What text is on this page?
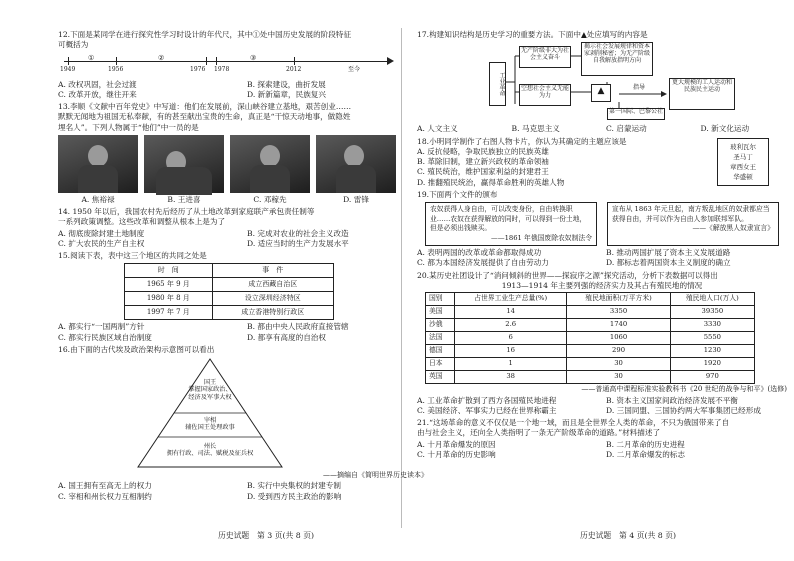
12.下面是某同学在进行探究性学习时设计的年代尺，其中①处中国历史发展的阶段特征

可概括为

1949	1956	1976 1978	2012	至今
①	②	③
A. 改权巩固，社会过渡	B. 探索建设，曲折发展
C. 改革开放，继往开来	D. 新新篇章，民族复兴

13.李顺《文献中百年党史》中写道：他们在发展前，深山峡谷建立基地，艰苦创业……

默默无闻地为祖国无私奉献，有的甚至献出宝贵的生命，真正是“干惊天动地事，做隐姓

埋名人”。下列人物属于“他们”中一员的是

A. 焦裕禄	B. 王进喜	C. 邓稼先	D. 雷锋

14. 1950 年以后，我国农村先后经历了从土地改革到家庭联产承包责任制等

一系列政策调整。这些改革和调整从根本上是为了

A. 彻底废除封建土地制度	B. 完成对农业的社会主义改造
C. 扩大农民的生产自主权	D. 适应当时的生产力发展水平

15.阅读下表，表中这三个地区的共同之处是

时　间	事　件
1965 年 9 月	成立西藏自治区
1980 年 8 月	设立深圳经济特区
1997 年 7 月	成立香港特别行政区
A. 都实行“一国两制”方针	B. 都由中央人民政府直接管辖
C. 都实行民族区域自治制度	D. 都享有高度的自治权

16.由下面的古代埃及政治架构示意图可以看出

国王
掌握国家政治、
经济及军事大权
宰相
辅佐国王处理政事
州长
拥有行政、司法、赋税及征兵权

——摘编自《简明世界历史读本》

A. 国王拥有至高无上的权力	B. 实行中央集权的封建专制
C. 宰相和州长权力互相制约	D. 受到西方民主政治的影响

17.构建知识结构是历史学习的重要方法。下面中▲处应填写的内容是

工业革命
无产阶级非大为社会主义奋斗
揭示社会发展规律和资本家剥削秘密；为无产阶级自我解放指明方向
空想社会主义无能为力	▲	指导
更大规模的工人运动和民族民主运动
第一国际、巴黎公社
A. 人文主义	B. 马克思主义	C. 启蒙运动	D. 新文化运动

18.小明同学制作了右图人物卡片，你认为其确定的主题应该是

A. 反抗侵略，争取民族独立的民族英雄
B. 革除旧制，建立新兴政权的革命领袖
C. 殖民统治，维护国家利益的封建君王
D. 推翻殖民统治，赢得革命胜利的英雄人物
玻利瓦尔
圣马丁
章西女王
华盛顿

19.下面两个文件的颁布

农奴获得人身自由，可以改变身份，自由转换职业……农奴在获得解放的同时，可以得到一份土地，但是必须出钱赎买。
——1861 年俄国废除农奴制法令
宣布从 1863 年元旦起，南方叛乱地区的奴隶都应当获得自由，并可以作为自由人参加联邦军队。
——《解放黑人奴隶宣言》
A. 表明两国的改革或革命都取得成功	B. 推动两国扩展了资本主义发展道路
C. 都为本国经济发展提供了自由劳动力	D. 都标志着两国资本主义制度的确立

20.某历史社团设计了“消问倾斜的世界——探寂序之源”探究活动，分析下表数据可以得出

1913—1914 年主要列强的经济实力及其占有殖民地的情况

国别	占世界工业生产总量(%)	殖民地面积(万平方米)	殖民地人口(万人)
美国	14	3350	39350
沙俄	2.6	1740	3330
法国	6	1060	5550
德国	16	290	1230
日本	1	30	1920
英国	38	30	970

——普通高中课程标准实验教科书《20 世纪的战争与和平》(选修)

A. 工业革命扩散到了西方各国殖民地进程	B. 资本主义国家间政治经济发展不平衡
C. 美国经济、军事实力已经在世界称霸主	D. 三国同盟、三国协约两大军事集团已经形成

21.“这场革命的意义不仅仅是一个地一域，而且是全世界全人类的革命，不只为俄国带来了自

由与社会主义，还向全人类指明了一条无产阶级革命的道路。”材料描述了

A. 十月革命爆发的原因	B. 二月革命的历史进程
C. 十月革命的历史影响	D. 二月革命爆发的标志
历史试题　第 3 页(共 8 页)	历史试题　第 4 页(共 8 页)
